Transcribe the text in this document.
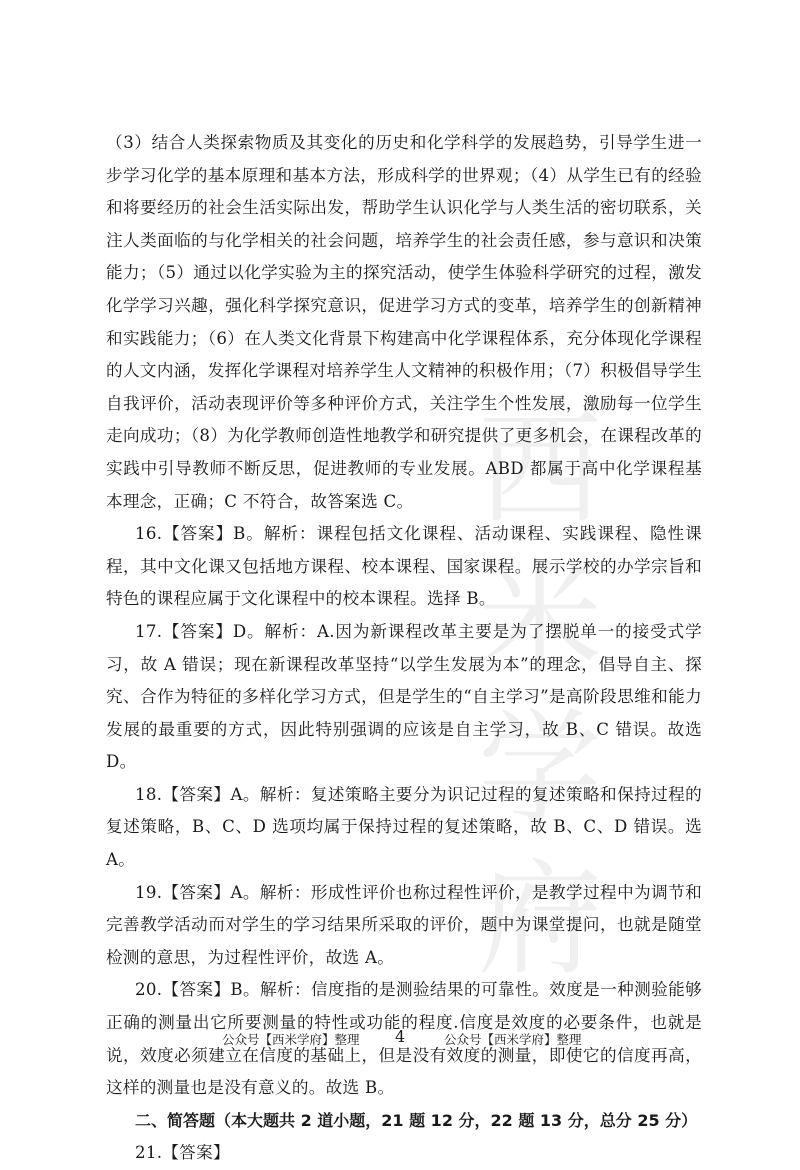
西
米
学
府

（3）结合人类探索物质及其变化的历史和化学科学的发展趋势，引导学生进一步学习化学的基本原理和基本方法，形成科学的世界观；（4）从学生已有的经验和将要经历的社会生活实际出发，帮助学生认识化学与人类生活的密切联系，关注人类面临的与化学相关的社会问题，培养学生的社会责任感，参与意识和决策能力；（5）通过以化学实验为主的探究活动，使学生体验科学研究的过程，激发化学学习兴趣，强化科学探究意识，促进学习方式的变革，培养学生的创新精神和实践能力；（6）在人类文化背景下构建高中化学课程体系，充分体现化学课程的人文内涵，发挥化学课程对培养学生人文精神的积极作用；（7）积极倡导学生自我评价，活动表现评价等多种评价方式，关注学生个性发展，激励每一位学生走向成功；（8）为化学教师创造性地教学和研究提供了更多机会，在课程改革的实践中引导教师不断反思，促进教师的专业发展。ABD 都属于高中化学课程基本理念，正确；C 不符合，故答案选 C。

16.【答案】B。解析：课程包括文化课程、活动课程、实践课程、隐性课程，其中文化课又包括地方课程、校本课程、国家课程。展示学校的办学宗旨和特色的课程应属于文化课程中的校本课程。选择 B。

17.【答案】D。解析：A.因为新课程改革主要是为了摆脱单一的接受式学习，故 A 错误；现在新课程改革坚持“以学生发展为本”的理念，倡导自主、探究、合作为特征的多样化学习方式，但是学生的“自主学习”是高阶段思维和能力发展的最重要的方式，因此特别强调的应该是自主学习，故 B、C 错误。故选 D。

18.【答案】A。解析：复述策略主要分为识记过程的复述策略和保持过程的复述策略，B、C、D 选项均属于保持过程的复述策略，故 B、C、D 错误。选 A。

19.【答案】A。解析：形成性评价也称过程性评价，是教学过程中为调节和完善教学活动而对学生的学习结果所采取的评价，题中为课堂提问，也就是随堂检测的意思，为过程性评价，故选 A。

20.【答案】B。解析：信度指的是测验结果的可靠性。效度是一种测验能够正确的测量出它所要测量的特性或功能的程度.信度是效度的必要条件，也就是说，效度必须建立在信度的基础上，但是没有效度的测量，即使它的信度再高，这样的测量也是没有意义的。故选 B。

二、简答题（本大题共 2 道小题，21 题 12 分，22 题 13 分，总分 25 分）

21.【答案】

公众号【西米学府】整理 4	公众号【西米学府】整理
